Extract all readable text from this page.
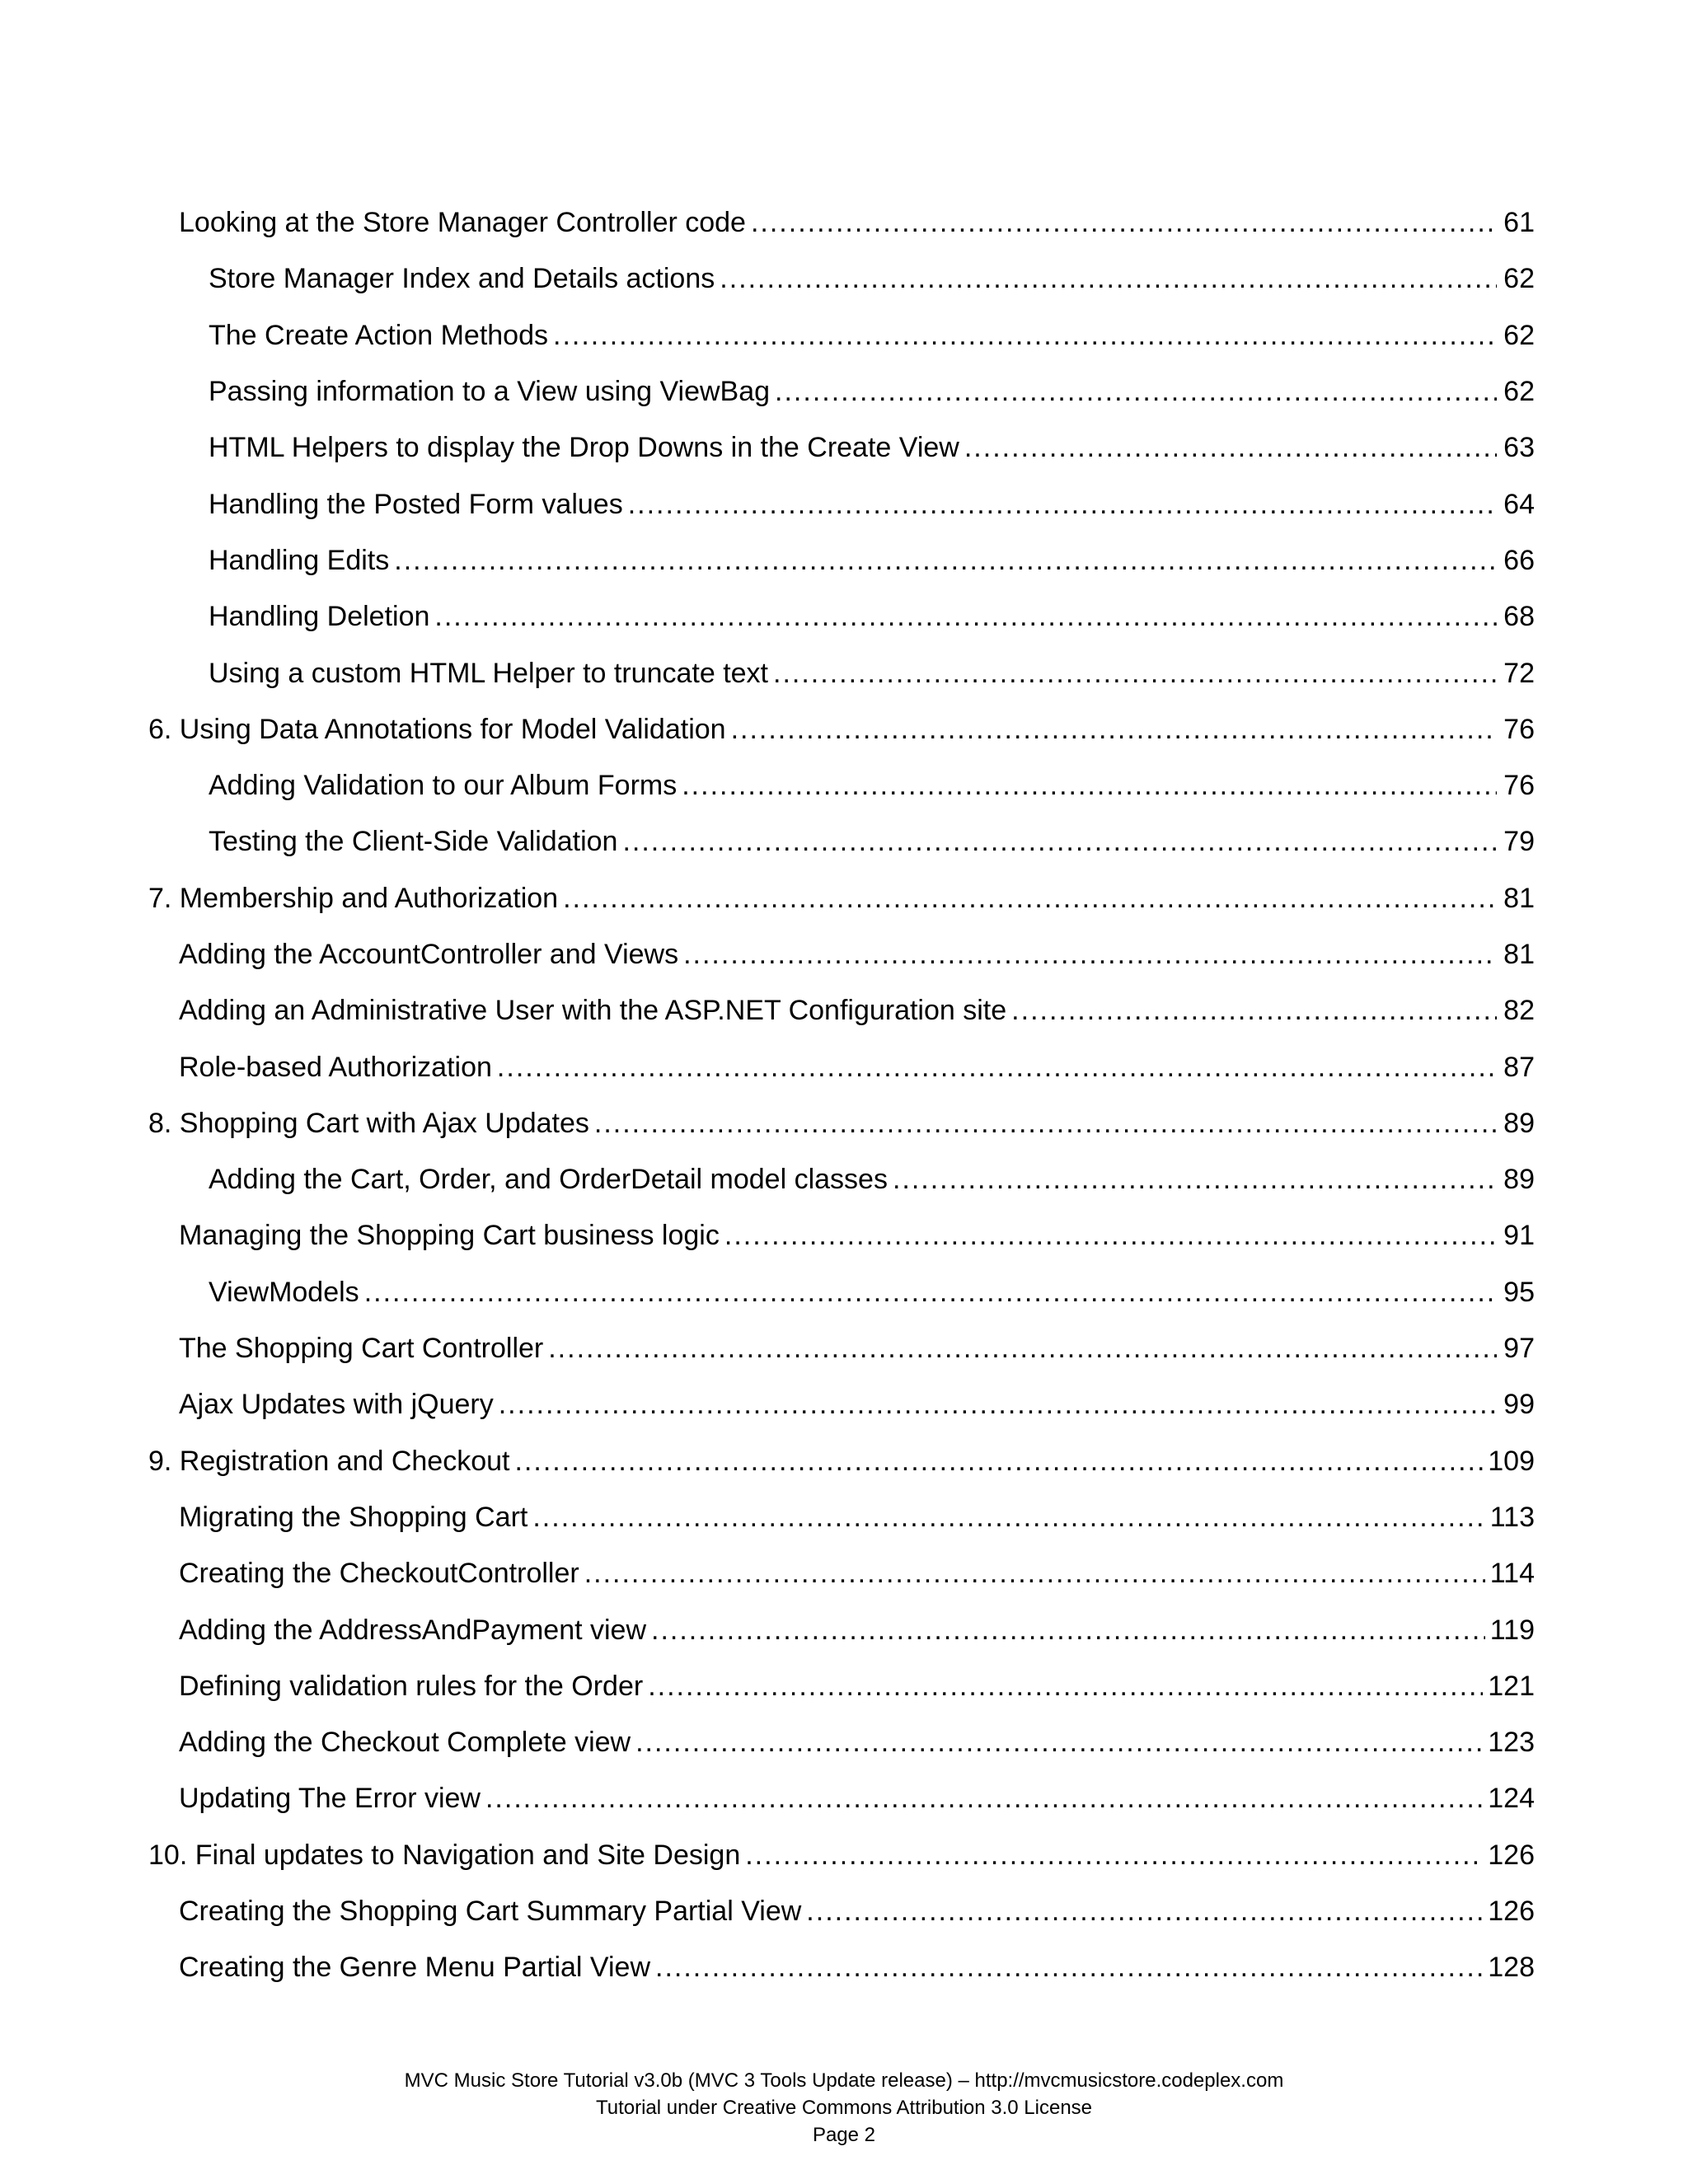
Looking at the Store Manager Controller code .....	61
Store Manager Index and Details actions .....	62
The Create Action Methods .....	62
Passing information to a View using ViewBag .....	62
HTML Helpers to display the Drop Downs in the Create View .....	63
Handling the Posted Form values .....	64
Handling Edits .....	66
Handling Deletion .....	68
Using a custom HTML Helper to truncate text .....	72
6. Using Data Annotations for Model Validation .....	76
Adding Validation to our Album Forms .....	76
Testing the Client-Side Validation .....	79
7. Membership and Authorization .....	81
Adding the AccountController and Views .....	81
Adding an Administrative User with the ASP.NET Configuration site .....	82
Role-based Authorization .....	87
8. Shopping Cart with Ajax Updates .....	89
Adding the Cart, Order, and OrderDetail model classes .....	89
Managing the Shopping Cart business logic .....	91
ViewModels .....	95
The Shopping Cart Controller .....	97
Ajax Updates with jQuery .....	99
9. Registration and Checkout .....	109
Migrating the Shopping Cart .....	113
Creating the CheckoutController .....	114
Adding the AddressAndPayment view .....	119
Defining validation rules for the Order .....	121
Adding the Checkout Complete view .....	123
Updating The Error view .....	124
10. Final updates to Navigation and Site Design .....	126
Creating the Shopping Cart Summary Partial View .....	126
Creating the Genre Menu Partial View .....	128
MVC Music Store Tutorial v3.0b (MVC 3 Tools Update release) – http://mvcmusicstore.codeplex.com
Tutorial under Creative Commons Attribution 3.0 License
Page 2
